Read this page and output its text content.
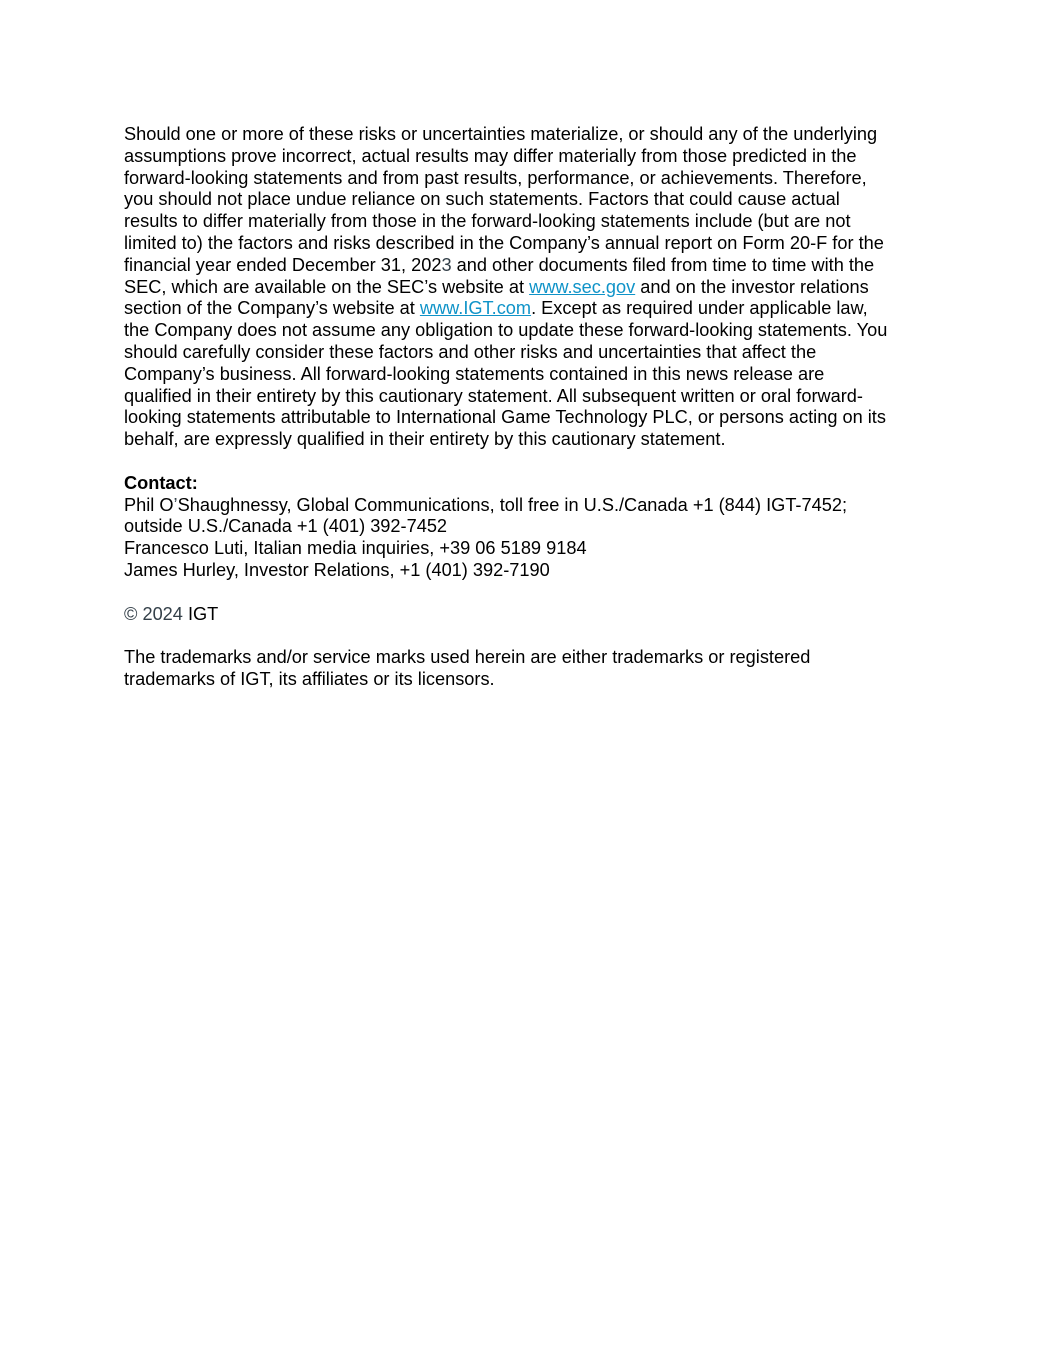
Should one or more of these risks or uncertainties materialize, or should any of the underlying
assumptions prove incorrect, actual results may differ materially from those predicted in the
forward-looking statements and from past results, performance, or achievements. Therefore,
you should not place undue reliance on such statements. Factors that could cause actual
results to differ materially from those in the forward-looking statements include (but are not
limited to) the factors and risks described in the Company’s annual report on Form 20-F for the
financial year ended December 31, 2023 and other documents filed from time to time with the
SEC, which are available on the SEC’s website at www.sec.gov and on the investor relations
section of the Company’s website at www.IGT.com. Except as required under applicable law,
the Company does not assume any obligation to update these forward-looking statements. You
should carefully consider these factors and other risks and uncertainties that affect the
Company’s business. All forward-looking statements contained in this news release are
qualified in their entirety by this cautionary statement. All subsequent written or oral forward-
looking statements attributable to International Game Technology PLC, or persons acting on its
behalf, are expressly qualified in their entirety by this cautionary statement.

Contact:
Phil O’Shaughnessy, Global Communications, toll free in U.S./Canada +1 (844) IGT-7452;
outside U.S./Canada +1 (401) 392-7452
Francesco Luti, Italian media inquiries, +39 06 5189 9184
James Hurley, Investor Relations, +1 (401) 392-7190

© 2024 IGT

The trademarks and/or service marks used herein are either trademarks or registered
trademarks of IGT, its affiliates or its licensors.
